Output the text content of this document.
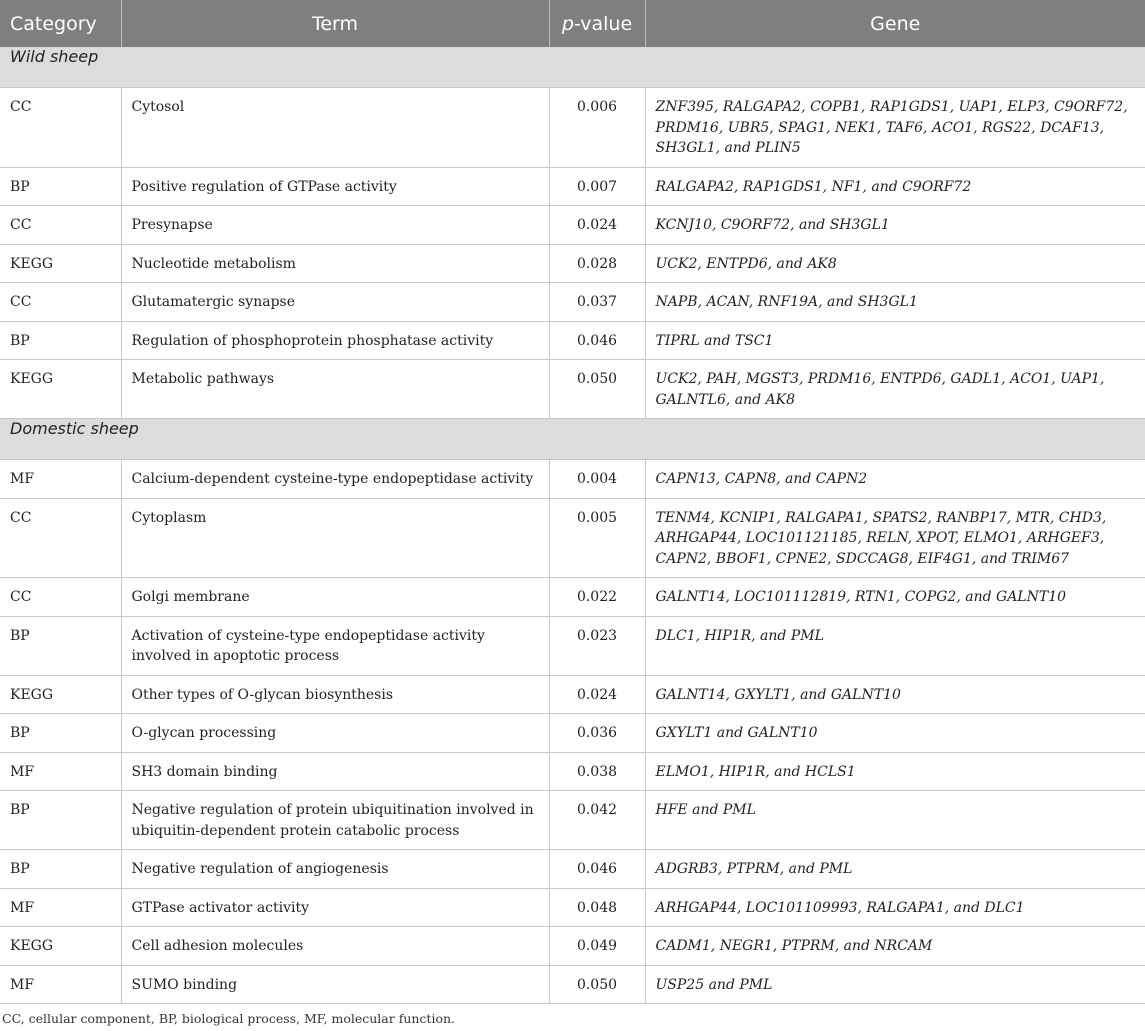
Category	Term	p-value	Gene
Wild sheep			
CC	Cytosol	0.006	ZNF395, RALGAPA2, COPB1, RAP1GDS1, UAP1, ELP3, C9ORF72, PRDM16, UBR5, SPAG1, NEK1, TAF6, ACO1, RGS22, DCAF13, SH3GL1, and PLIN5
BP	Positive regulation of GTPase activity	0.007	RALGAPA2, RAP1GDS1, NF1, and C9ORF72
CC	Presynapse	0.024	KCNJ10, C9ORF72, and SH3GL1
KEGG	Nucleotide metabolism	0.028	UCK2, ENTPD6, and AK8
CC	Glutamatergic synapse	0.037	NAPB, ACAN, RNF19A, and SH3GL1
BP	Regulation of phosphoprotein phosphatase activity	0.046	TIPRL and TSC1
KEGG	Metabolic pathways	0.050	UCK2, PAH, MGST3, PRDM16, ENTPD6, GADL1, ACO1, UAP1, GALNTL6, and AK8
Domestic sheep			
MF	Calcium-dependent cysteine-type endopeptidase activity	0.004	CAPN13, CAPN8, and CAPN2
CC	Cytoplasm	0.005	TENM4, KCNIP1, RALGAPA1, SPATS2, RANBP17, MTR, CHD3, ARHGAP44, LOC101121185, RELN, XPOT, ELMO1, ARHGEF3, CAPN2, BBOF1, CPNE2, SDCCAG8, EIF4G1, and TRIM67
CC	Golgi membrane	0.022	GALNT14, LOC101112819, RTN1, COPG2, and GALNT10
BP	Activation of cysteine-type endopeptidase activity involved in apoptotic process	0.023	DLC1, HIP1R, and PML
KEGG	Other types of O-glycan biosynthesis	0.024	GALNT14, GXYLT1, and GALNT10
BP	O-glycan processing	0.036	GXYLT1 and GALNT10
MF	SH3 domain binding	0.038	ELMO1, HIP1R, and HCLS1
BP	Negative regulation of protein ubiquitination involved in ubiquitin-dependent protein catabolic process	0.042	HFE and PML
BP	Negative regulation of angiogenesis	0.046	ADGRB3, PTPRM, and PML
MF	GTPase activator activity	0.048	ARHGAP44, LOC101109993, RALGAPA1, and DLC1
KEGG	Cell adhesion molecules	0.049	CADM1, NEGR1, PTPRM, and NRCAM
MF	SUMO binding	0.050	USP25 and PML
CC, cellular component, BP, biological process, MF, molecular function.
